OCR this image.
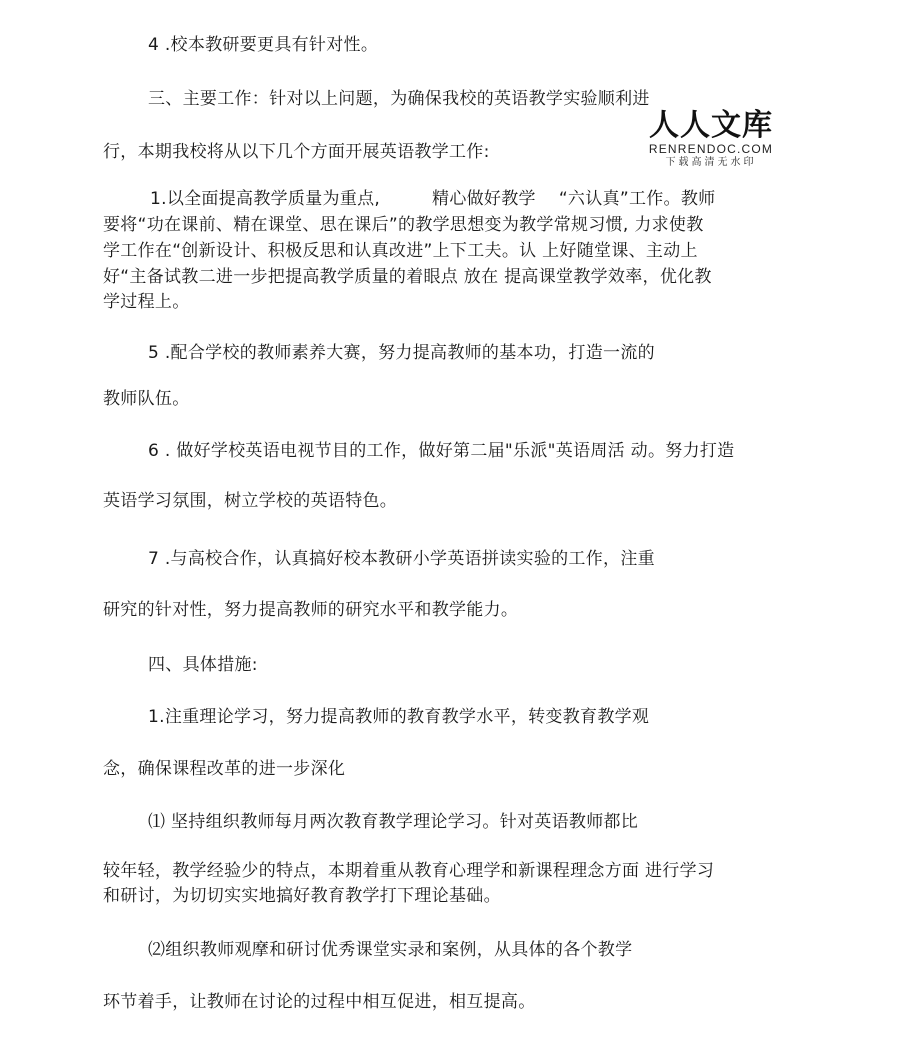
4 .校本教研要更具有针对性。
三、主要工作：针对以上问题，为确保我校的英语教学实验顺利进
行，本期我校将从以下几个方面开展英语教学工作:
1.以全面提高教学质量为重点,　　　精心做好教学　 “六认真”工作。教师
要将“功在课前、精在课堂、思在课后”的教学思想变为教学常规习惯, 力求使教
学工作在“创新设计、积极反思和认真改进”上下工夫。认 上好随堂课、主动上
好“主备试教二进一步把提高教学质量的着眼点 放在 提高课堂教学效率，优化教
学过程上。
5 .配合学校的教师素养大赛，努力提高教师的基本功，打造一流的
教师队伍。
6 . 做好学校英语电视节目的工作，做好第二届"乐派"英语周活 动。努力打造
英语学习氛围，树立学校的英语特色。
7 .与高校合作，认真搞好校本教研小学英语拼读实验的工作，注重
研究的针对性，努力提高教师的研究水平和教学能力。
四、具体措施:
1.注重理论学习，努力提高教师的教育教学水平，转变教育教学观
念，确保课程改革的进一步深化
⑴ 坚持组织教师每月两次教育教学理论学习。针对英语教师都比
较年轻，教学经验少的特点，本期着重从教育心理学和新课程理念方面 进行学习
和研讨，为切切实实地搞好教育教学打下理论基础。
⑵组织教师观摩和研讨优秀课堂实录和案例，从具体的各个教学
环节着手，让教师在讨论的过程中相互促进，相互提高。
人人文库
RENRENDOC.COM
下载高清无水印
